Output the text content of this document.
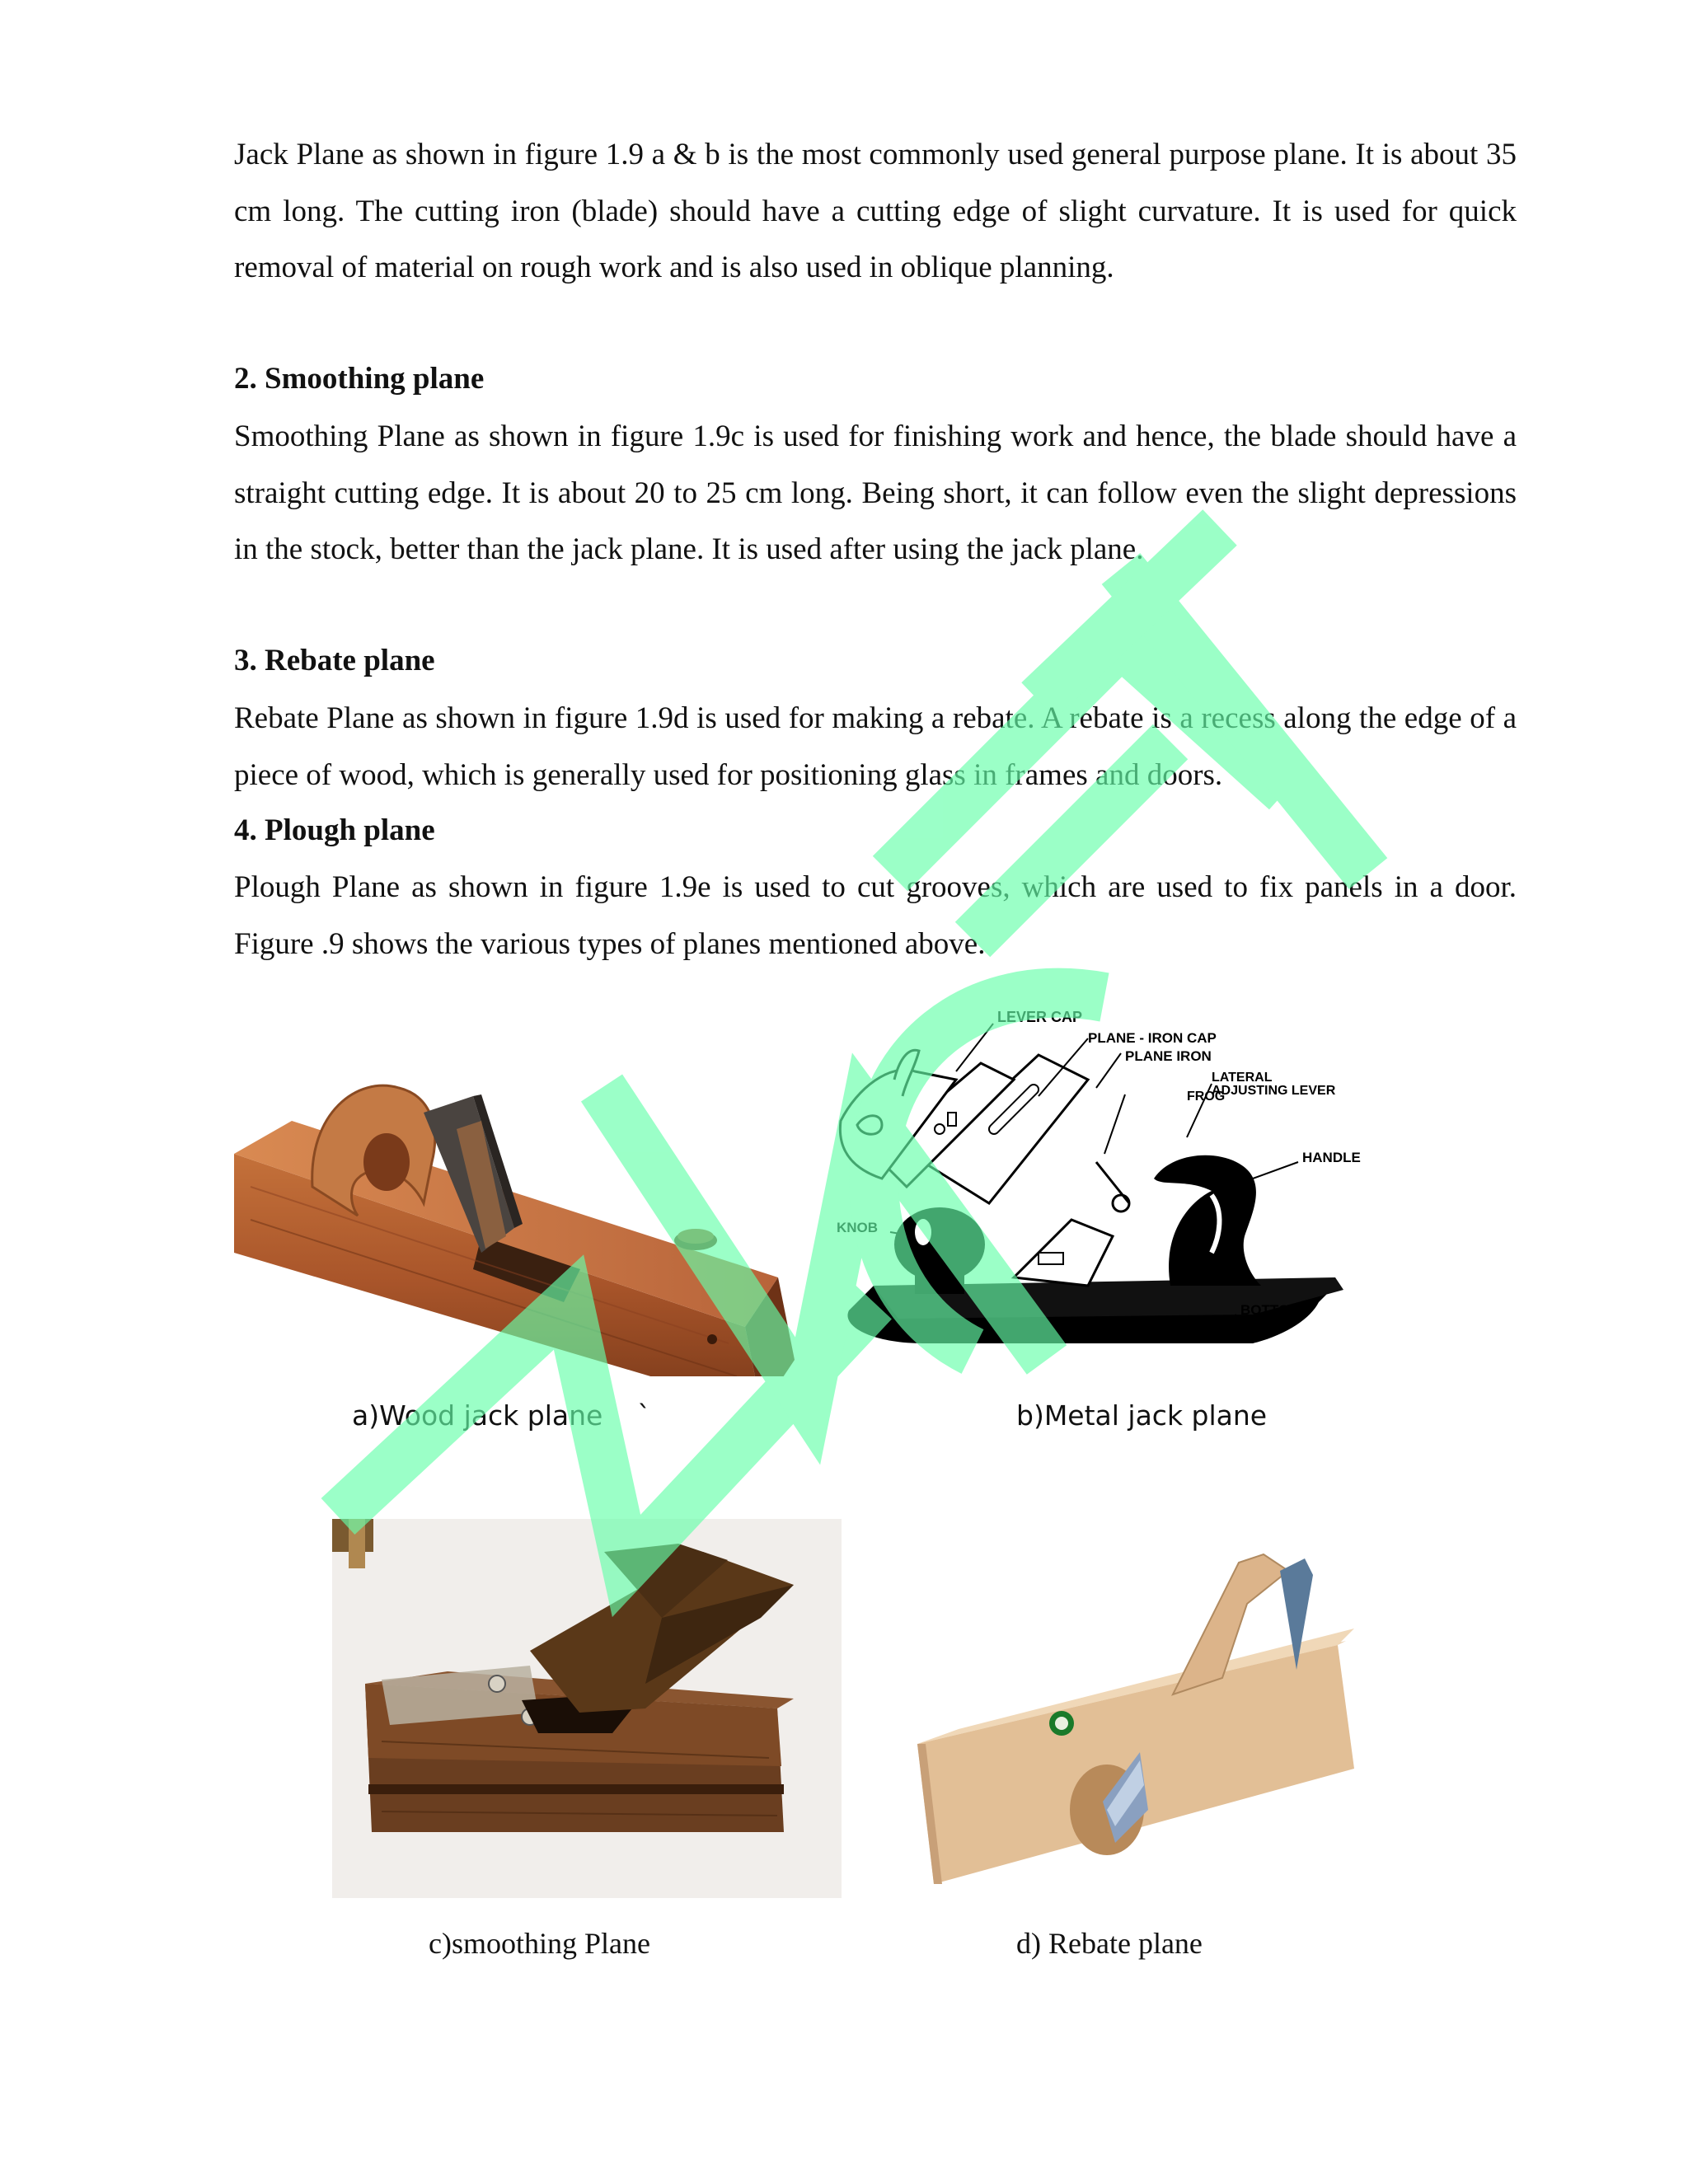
Jack Plane as shown in figure 1.9 a & b is the most commonly used general purpose plane. It is about 35 cm long. The cutting iron (blade) should have a cutting edge of slight curvature. It is used for quick removal of material on rough work and is also used in oblique planning.

2. Smoothing plane

Smoothing Plane as shown in figure 1.9c is used for finishing work and hence, the blade should have a straight cutting edge. It is about 20 to 25 cm long. Being short, it can follow even the slight depressions in the stock, better than the jack plane. It is used after using the jack plane.

3. Rebate plane

Rebate Plane as shown in figure 1.9d is used for making a rebate. A rebate is a recess along the edge of a piece of wood, which is generally used for positioning glass in frames and doors.

4. Plough plane

Plough Plane as shown in figure 1.9e is used to cut grooves, which are used to fix panels in a door. Figure .9 shows the various types of planes mentioned above.

LEVER CAP
PLANE - IRON CAP
PLANE IRON
LATERAL
ADJUSTING LEVER
FROG
HANDLE
KNOB
BOTTOM
a)Wood jack plane    `	b)Metal jack plane
c)smoothing Plane	d) Rebate plane
